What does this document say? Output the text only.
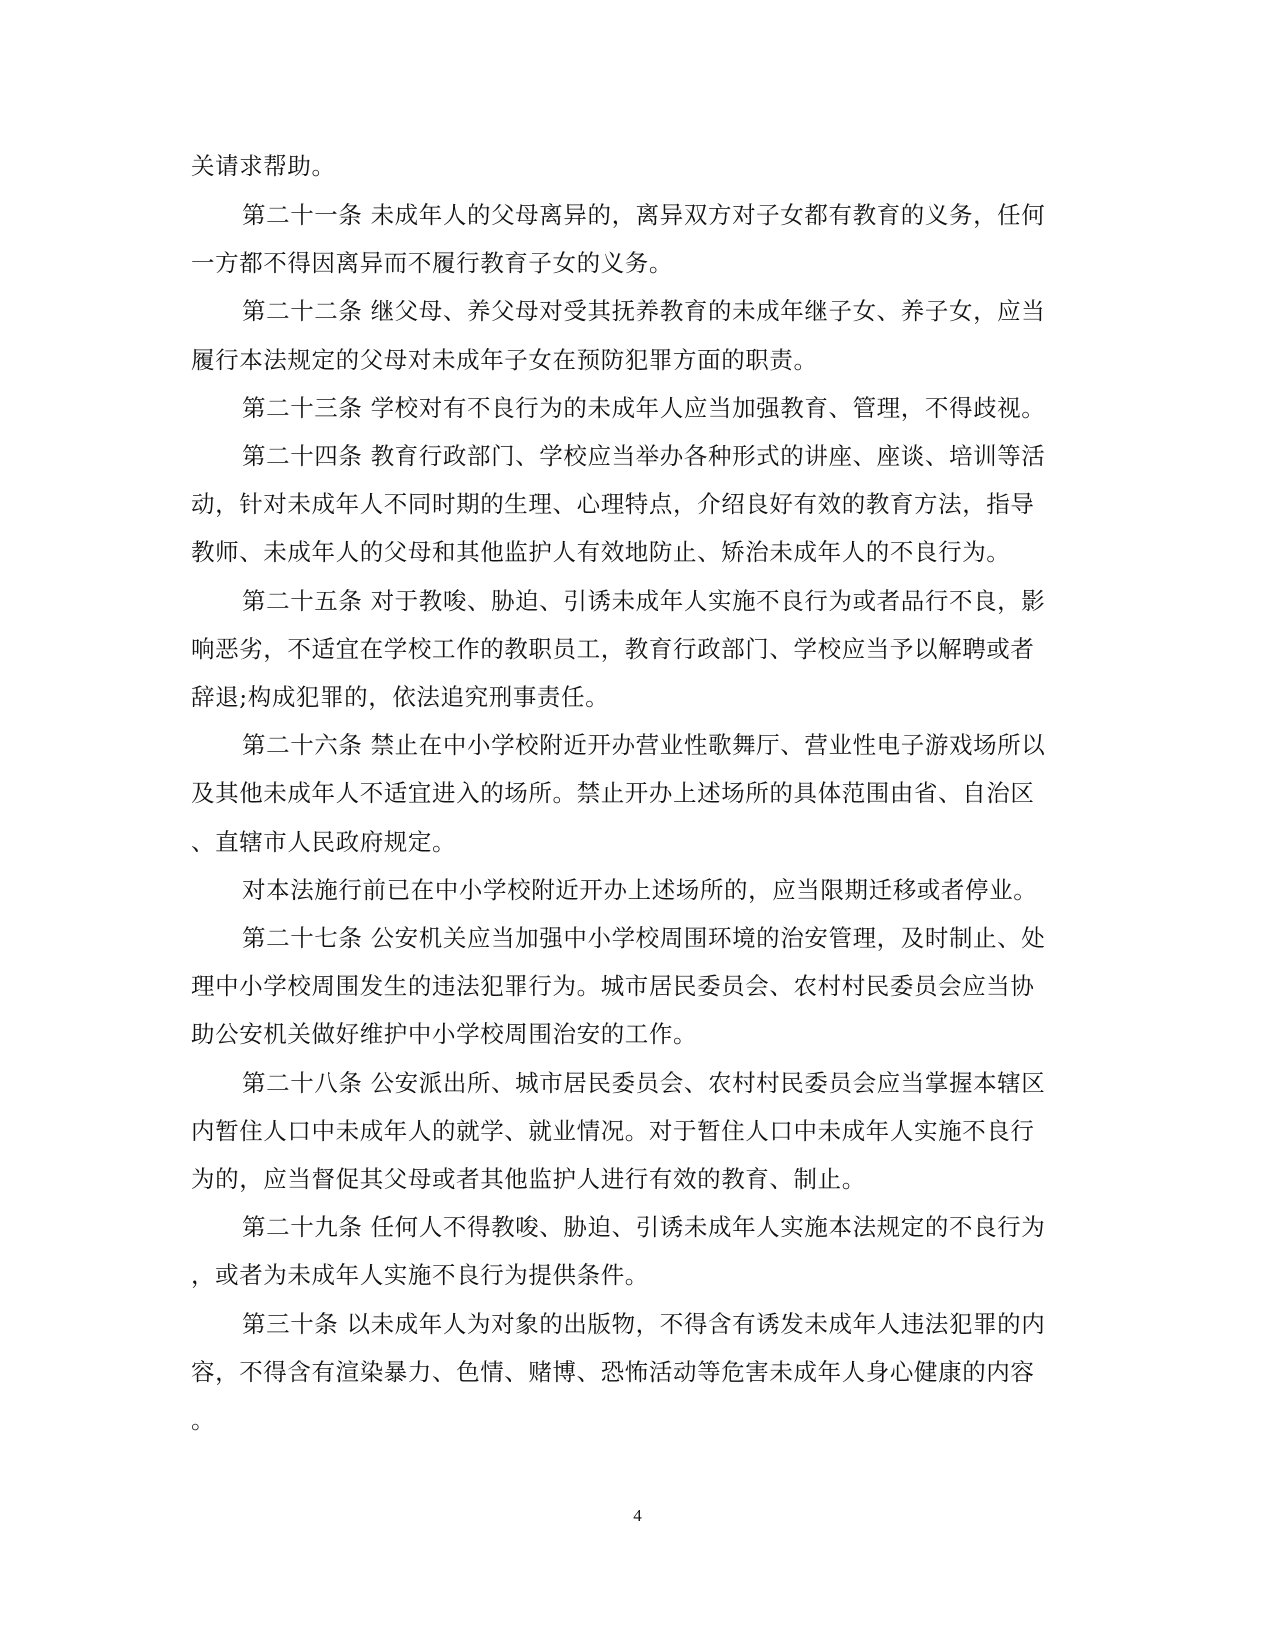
关请求帮助。
第二十一条 未成年人的父母离异的，离异双方对子女都有教育的义务，任何
一方都不得因离异而不履行教育子女的义务。
第二十二条 继父母、养父母对受其抚养教育的未成年继子女、养子女，应当
履行本法规定的父母对未成年子女在预防犯罪方面的职责。
第二十三条 学校对有不良行为的未成年人应当加强教育、管理，不得歧视。
第二十四条 教育行政部门、学校应当举办各种形式的讲座、座谈、培训等活
动，针对未成年人不同时期的生理、心理特点，介绍良好有效的教育方法，指导
教师、未成年人的父母和其他监护人有效地防止、矫治未成年人的不良行为。
第二十五条 对于教唆、胁迫、引诱未成年人实施不良行为或者品行不良，影
响恶劣，不适宜在学校工作的教职员工，教育行政部门、学校应当予以解聘或者
辞退;构成犯罪的，依法追究刑事责任。
第二十六条 禁止在中小学校附近开办营业性歌舞厅、营业性电子游戏场所以
及其他未成年人不适宜进入的场所。禁止开办上述场所的具体范围由省、自治区
、直辖市人民政府规定。
对本法施行前已在中小学校附近开办上述场所的，应当限期迁移或者停业。
第二十七条 公安机关应当加强中小学校周围环境的治安管理，及时制止、处
理中小学校周围发生的违法犯罪行为。城市居民委员会、农村村民委员会应当协
助公安机关做好维护中小学校周围治安的工作。
第二十八条 公安派出所、城市居民委员会、农村村民委员会应当掌握本辖区
内暂住人口中未成年人的就学、就业情况。对于暂住人口中未成年人实施不良行
为的，应当督促其父母或者其他监护人进行有效的教育、制止。
第二十九条 任何人不得教唆、胁迫、引诱未成年人实施本法规定的不良行为
，或者为未成年人实施不良行为提供条件。
第三十条 以未成年人为对象的出版物，不得含有诱发未成年人违法犯罪的内
容，不得含有渲染暴力、色情、赌博、恐怖活动等危害未成年人身心健康的内容
。
4
